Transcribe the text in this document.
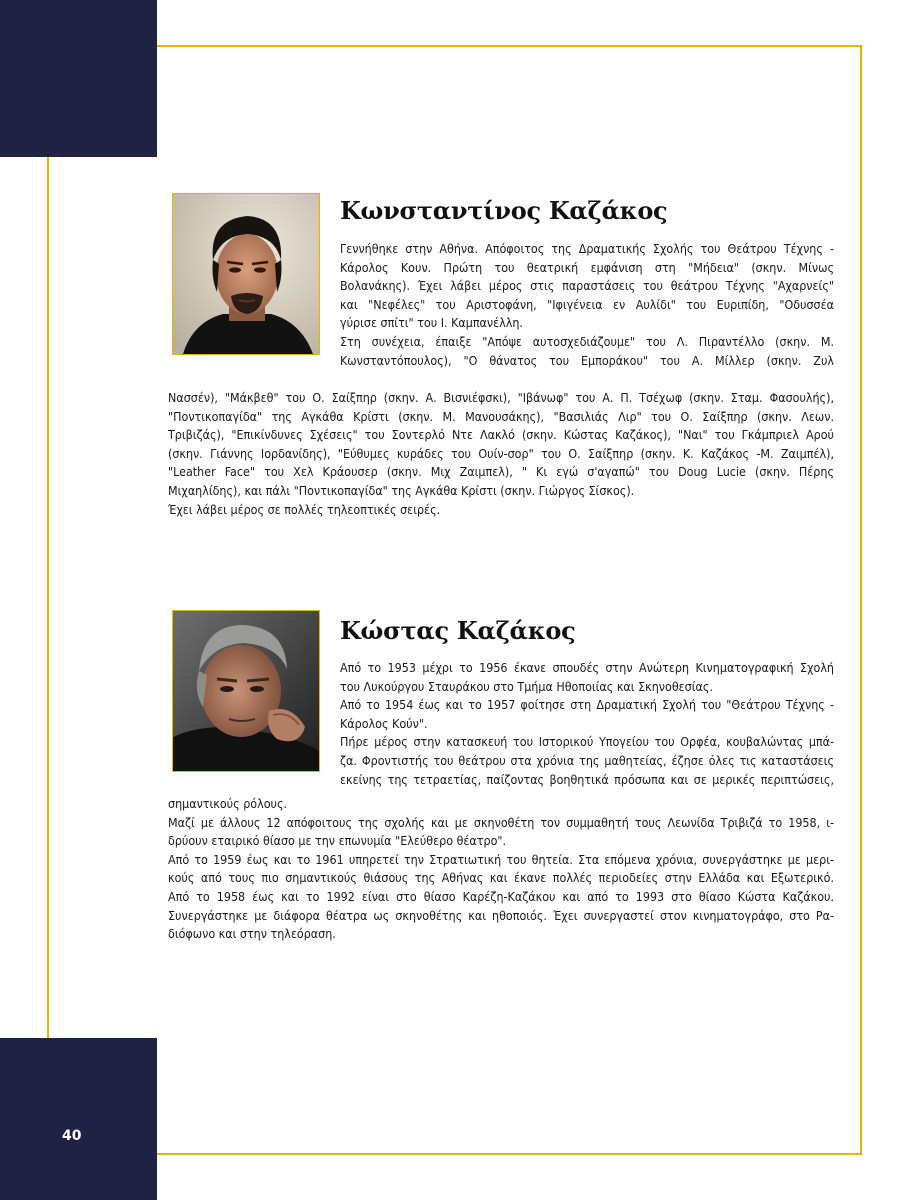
40
Κωνσταντίνος Καζάκος
Γεννήθηκε στην Αθήνα. Απόφοιτος της Δραματικής Σχολής του Θεάτρου Τέχνης -
Κάρολος Κουν. Πρώτη του θεατρική εμφάνιση στη "Μήδεια" (σκην. Μίνως
Βολανάκης). Έχει λάβει μέρος στις παραστάσεις του θεάτρου Τέχνης "Αχαρνείς"
και "Νεφέλες" του Αριστοφάνη, "Ιφιγένεια εν Αυλίδι" του Ευριπίδη, "Οδυσσέα
γύρισε σπίτι" του Ι. Καμπανέλλη.
Στη συνέχεια, έπαιξε "Απόψε αυτοσχεδιάζουμε" του Λ. Πιραντέλλο (σκην. Μ.
Κωνσταντόπουλος), "Ο θάνατος του Εμποράκου" του Α. Μίλλερ (σκην. Ζυλ
Νασσέν), "Μάκβεθ" του Ο. Σαίξπηρ (σκην. Α. Βισνιέφσκι), "Ιβάνωφ" του Α. Π. Τσέχωφ (σκην. Σταμ. Φασουλής),
"Ποντικοπαγίδα" της Αγκάθα Κρίστι (σκην. Μ. Μανουσάκης), "Βασιλιάς Λιρ" του Ο. Σαίξπηρ (σκην. Λεων.
Τριβιζάς), "Επικίνδυνες Σχέσεις" του Σοντερλό Ντε Λακλό (σκην. Κώστας Καζάκος), "Ναι" του Γκάμπριελ Αρού
(σκην. Γιάννης Ιορδανίδης), "Εύθυμες κυράδες του Ουίν-σορ" του Ο. Σαίξπηρ (σκην. Κ. Καζάκος -Μ. Ζαιμπέλ),
"Leather Face" του Χελ Κράουσερ (σκην. Μιχ Ζαιμπελ), " Κι εγώ σ'αγαπώ" του Doug Lucie (σκην. Πέρης
Μιχαηλίδης), και πάλι "Ποντικοπαγίδα" της Αγκάθα Κρίστι (σκην. Γιώργος Σίσκος).
Έχει λάβει μέρος σε πολλές τηλεοπτικές σειρές.
Κώστας Καζάκος
Από το 1953 μέχρι το 1956 έκανε σπουδές στην Ανώτερη Κινηματογραφική Σχολή
του Λυκούργου Σταυράκου στο Τμήμα Ηθοποιίας και Σκηνοθεσίας.
Από το 1954 έως και το 1957 φοίτησε στη Δραματική Σχολή του "Θεάτρου Τέχνης -
Κάρολος Κούν".
Πήρε μέρος στην κατασκευή του Ιστορικού Υπογείου του Ορφέα, κουβαλώντας μπά-
ζα. Φροντιστής του θεάτρου στα χρόνια της μαθητείας, έζησε όλες τις καταστάσεις
εκείνης της τετραετίας, παίζοντας βοηθητικά πρόσωπα και σε μερικές περιπτώσεις,
σημαντικούς ρόλους.
Μαζί με άλλους 12 απόφοιτους της σχολής και με σκηνοθέτη τον συμμαθητή τους Λεωνίδα Τριβιζά το 1958, ι-
δρύουν εταιρικό θίασο με την επωνυμία "Ελεύθερο θέατρο".
Από το 1959 έως και το 1961 υπηρετεί την Στρατιωτική του θητεία. Στα επόμενα χρόνια, συνεργάστηκε με μερι-
κούς από τους πιο σημαντικούς θιάσους της Αθήνας και έκανε πολλές περιοδείες στην Ελλάδα και Εξωτερικό.
Από το 1958 έως και το 1992 είναι στο θίασο Καρέζη-Καζάκου και από το 1993 στο θίασο Κώστα Καζάκου.
Συνεργάστηκε με διάφορα θέατρα ως σκηνοθέτης και ηθοποιός. Έχει συνεργαστεί στον κινηματογράφο, στο Ρα-
διόφωνο και στην τηλεόραση.
